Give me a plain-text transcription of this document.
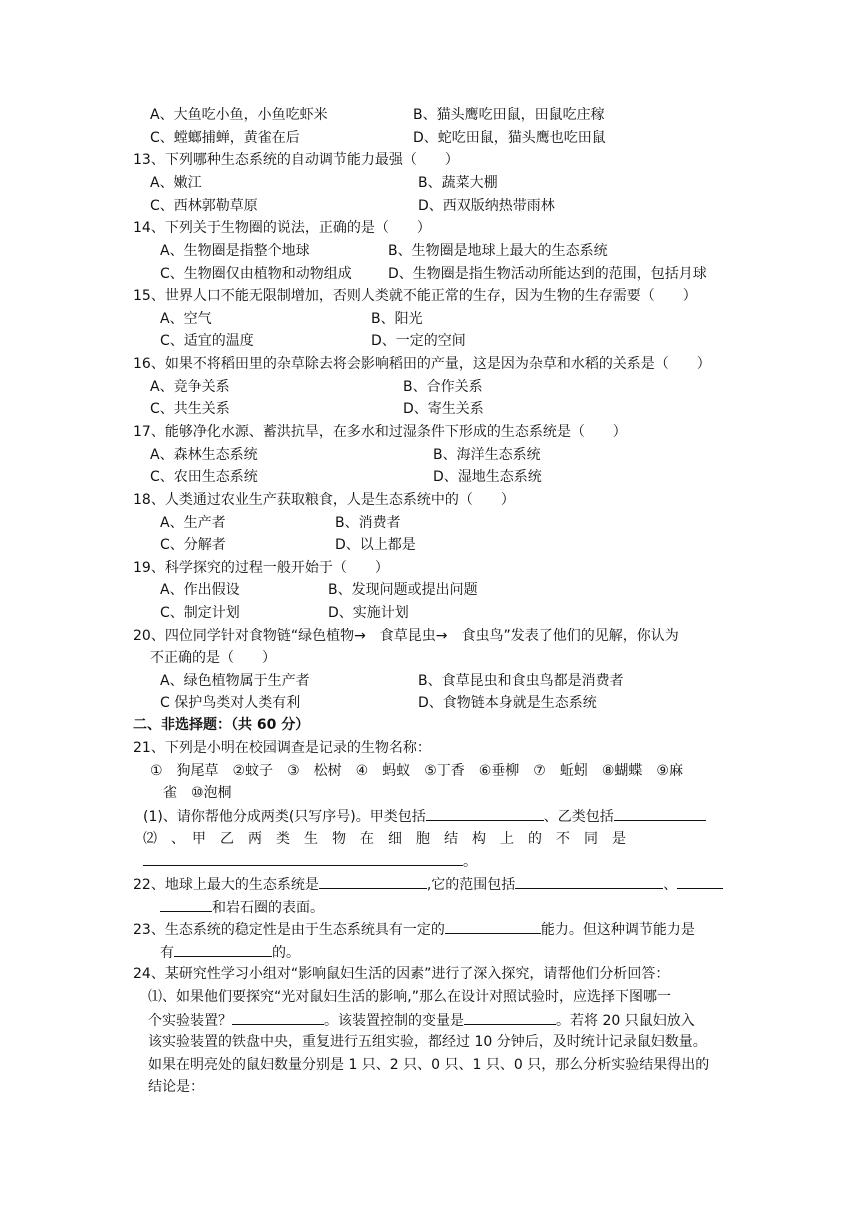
A、大鱼吃小鱼，小鱼吃虾米	B、猫头鹰吃田鼠，田鼠吃庄稼
C、螳螂捕蝉，黄雀在后	D、蛇吃田鼠，猫头鹰也吃田鼠
13、下列哪种生态系统的自动调节能力最强（　　）
A、嫩江	B、蔬菜大棚
C、西林郭勒草原	D、西双版纳热带雨林
14、下列关于生物圈的说法，正确的是（　　）
A、生物圈是指整个地球	B、生物圈是地球上最大的生态系统
C、生物圈仅由植物和动物组成	D、生物圈是指生物活动所能达到的范围，包括月球
15、世界人口不能无限制增加，否则人类就不能正常的生存，因为生物的生存需要（　　）
A、空气	B、阳光
C、适宜的温度	D、一定的空间
16、如果不将稻田里的杂草除去将会影响稻田的产量，这是因为杂草和水稻的关系是（　　）
A、竞争关系	B、合作关系
C、共生关系	D、寄生关系
17、能够净化水源、蓄洪抗旱，在多水和过湿条件下形成的生态系统是（　　）
A、森林生态系统	B、海洋生态系统
C、农田生态系统	D、湿地生态系统
18、人类通过农业生产获取粮食，人是生态系统中的（　　）
A、生产者	B、消费者
C、分解者	D、以上都是
19、科学探究的过程一般开始于（　　）
A、作出假设	B、发现问题或提出问题
C、制定计划	D、实施计划
20、四位同学针对食物链“绿色植物→　食草昆虫→　食虫鸟”发表了他们的见解，你认为
不正确的是（　　）
A、绿色植物属于生产者	B、食草昆虫和食虫鸟都是消费者
C 保护鸟类对人类有利	D、食物链本身就是生态系统
二、非选择题：（共 60 分）
21、下列是小明在校园调查是记录的生物名称：
①　狗尾草　②蚊子　③　松树　④　蚂蚁　⑤丁香　⑥垂柳　⑦　蚯蚓　⑧蝴蝶　⑨麻
雀　⑩泡桐
(1)、请你帮他分成两类(只写序号)。甲类包括	、乙类包括
⑵　、　甲　乙　两　类　生　物　在　细　胞　结　构　上　的　不　同　是
。
22、地球上最大的生态系统是	,它的范围包括	、
和岩石圈的表面。
23、生态系统的稳定性是由于生态系统具有一定的	能力。但这种调节能力是
有	的。
24、某研究性学习小组对“影响鼠妇生活的因素”进行了深入探究，请帮他们分析回答：
⑴、如果他们要探究“光对鼠妇生活的影响,”那么在设计对照试验时，应选择下图哪一
个实验装置？	。该装置控制的变量是	。若将 20 只鼠妇放入
该实验装置的铁盘中央，重复进行五组实验，都经过 10 分钟后，及时统计记录鼠妇数量。
如果在明亮处的鼠妇数量分别是 1 只、2 只、0 只、1 只、0 只，那么分析实验结果得出的
结论是：
